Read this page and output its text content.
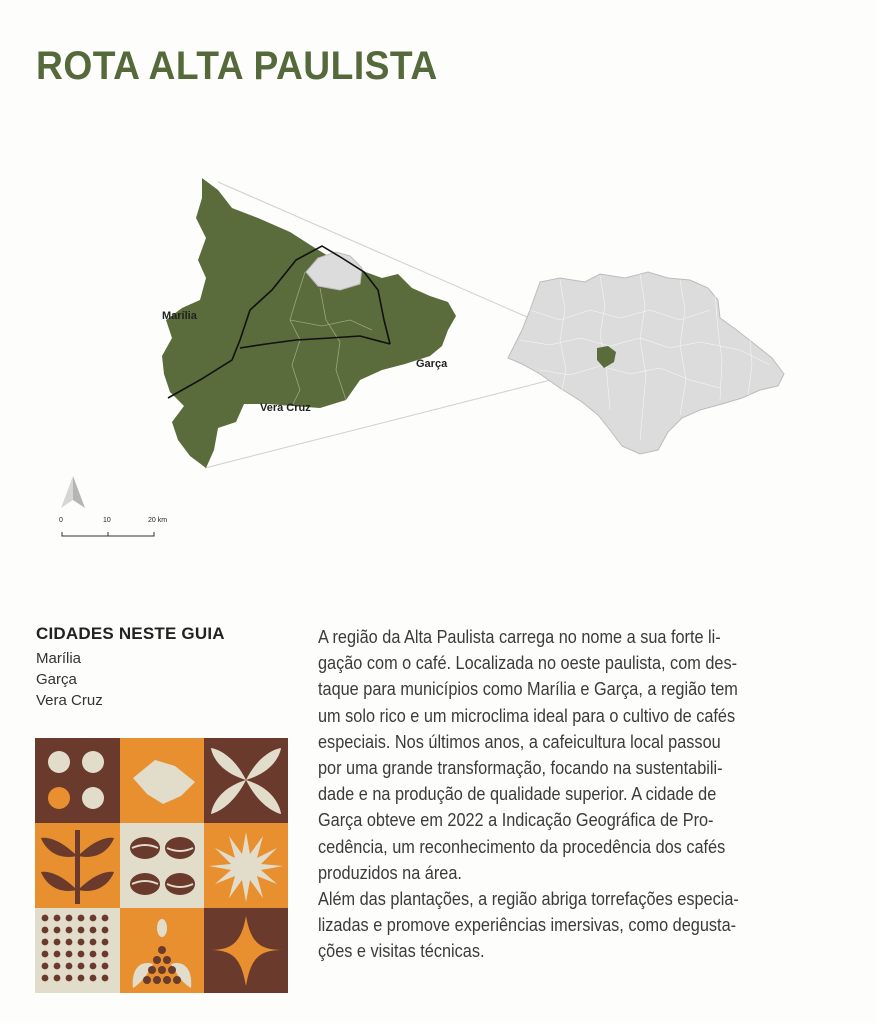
ROTA ALTA PAULISTA
Marília
Garça
Vera Cruz
0	10	20 km
CIDADES NESTE GUIA

Marília

Garça

Vera Cruz

A região da Alta Paulista carrega no nome a sua forte li-
gação com o café. Localizada no oeste paulista, com des-
taque para municípios como Marília e Garça, a região tem
um solo rico e um microclima ideal para o cultivo de cafés
especiais. Nos últimos anos, a cafeicultura local passou
por uma grande transformação, focando na sustentabili-
dade e na produção de qualidade superior. A cidade de
Garça obteve em 2022 a Indicação Geográfica de Pro-
cedência, um reconhecimento da procedência dos cafés
produzidos na área.

Além das plantações, a região abriga torrefações especia-
lizadas e promove experiências imersivas, como degusta-
ções e visitas técnicas.
